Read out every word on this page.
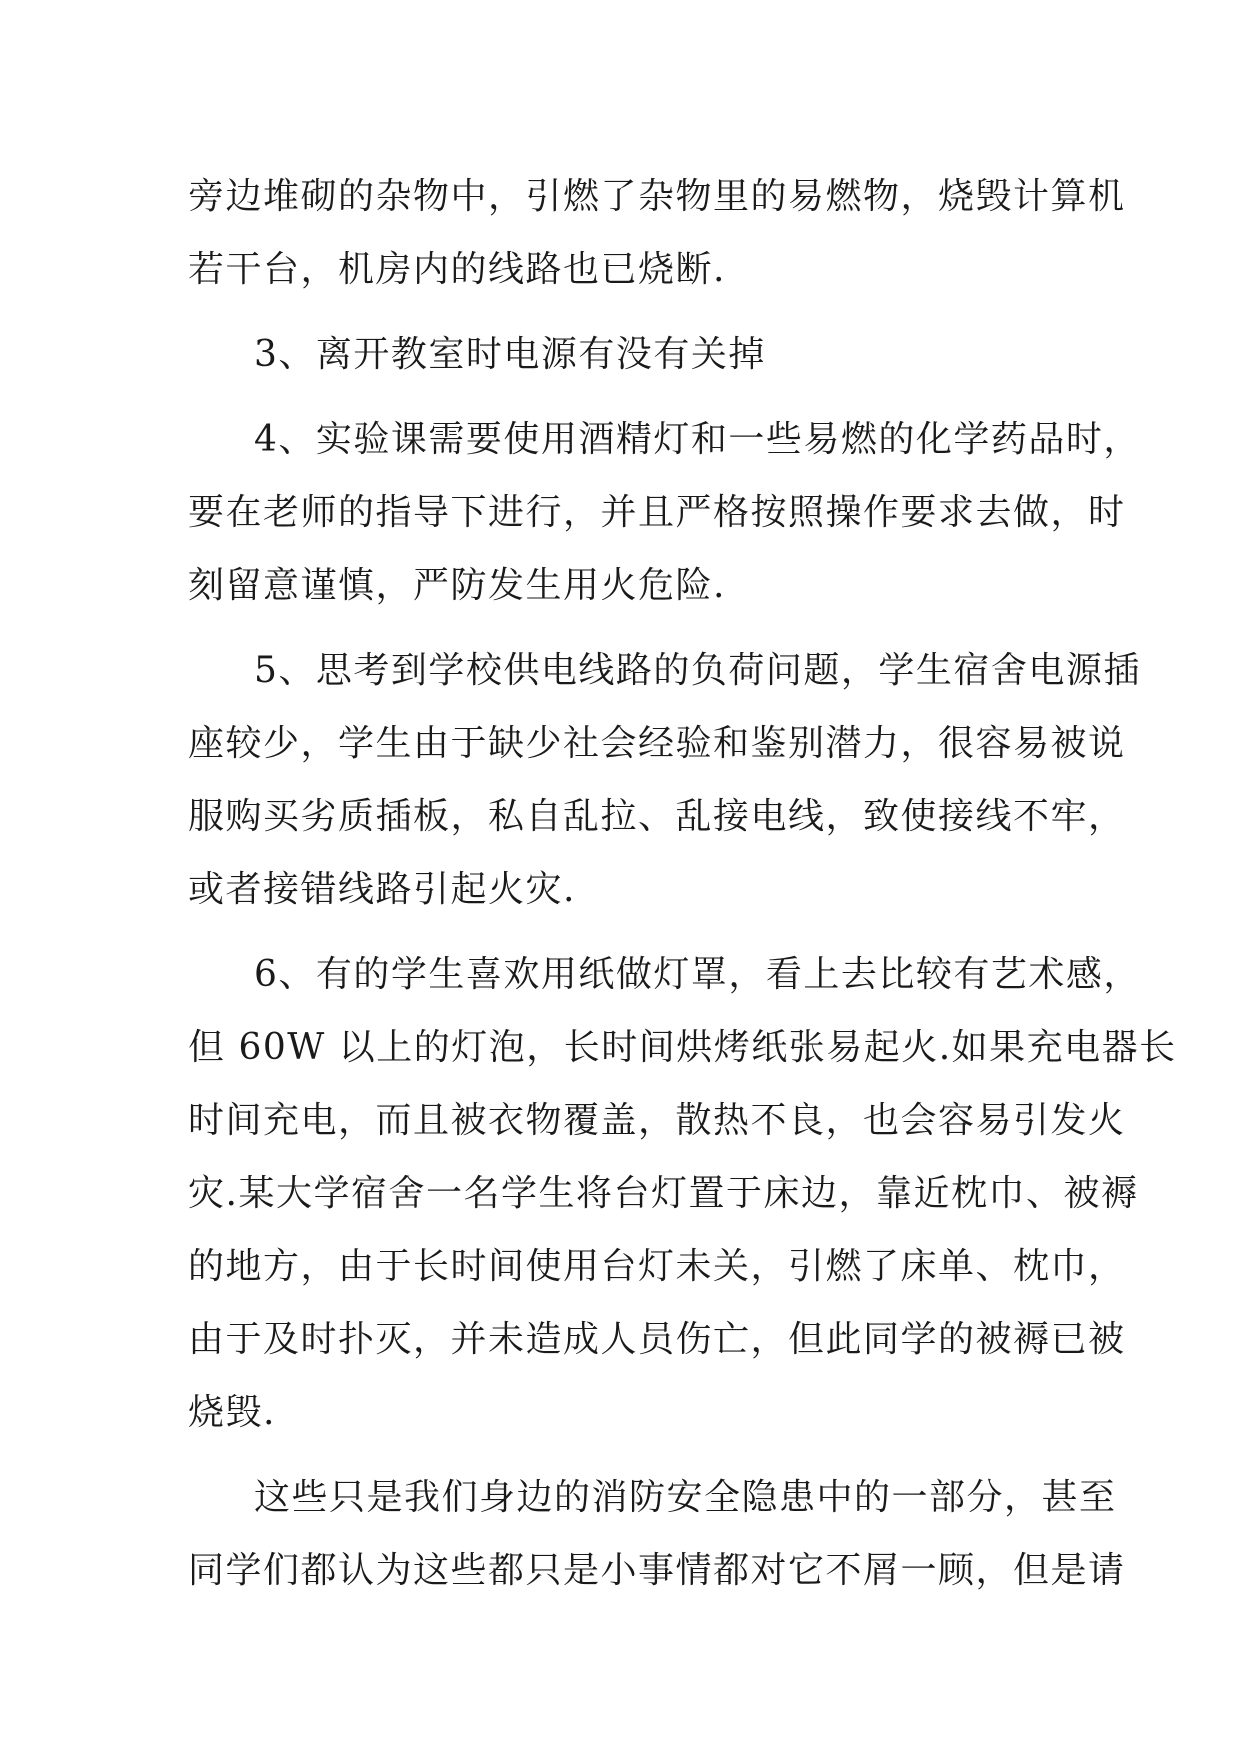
旁边堆砌的杂物中，引燃了杂物里的易燃物，烧毁计算机
若干台，机房内的线路也已烧断.
3、离开教室时电源有没有关掉
4、实验课需要使用酒精灯和一些易燃的化学药品时，
要在老师的指导下进行，并且严格按照操作要求去做，时
刻留意谨慎，严防发生用火危险.
5、思考到学校供电线路的负荷问题，学生宿舍电源插
座较少，学生由于缺少社会经验和鉴别潜力，很容易被说
服购买劣质插板，私自乱拉、乱接电线，致使接线不牢，
或者接错线路引起火灾.
6、有的学生喜欢用纸做灯罩，看上去比较有艺术感，
但 60W 以上的灯泡，长时间烘烤纸张易起火.如果充电器长
时间充电，而且被衣物覆盖，散热不良，也会容易引发火
灾.某大学宿舍一名学生将台灯置于床边，靠近枕巾、被褥
的地方，由于长时间使用台灯未关，引燃了床单、枕巾，
由于及时扑灭，并未造成人员伤亡，但此同学的被褥已被
烧毁.
这些只是我们身边的消防安全隐患中的一部分，甚至
同学们都认为这些都只是小事情都对它不屑一顾，但是请
